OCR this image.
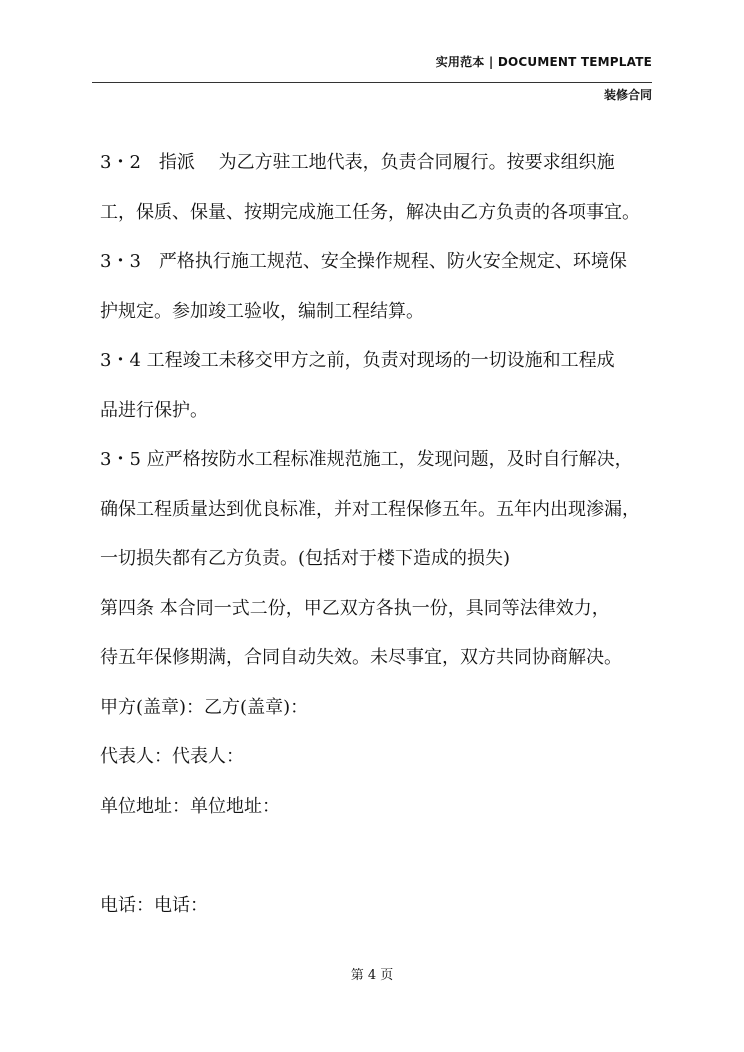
实用范本 | DOCUMENT TEMPLATE
装修合同
3・2　指派　 为乙方驻工地代表，负责合同履行。按要求组织施
工，保质、保量、按期完成施工任务，解决由乙方负责的各项事宜。
3・3　严格执行施工规范、安全操作规程、防火安全规定、环境保
护规定。参加竣工验收，编制工程结算。
3・4 工程竣工未移交甲方之前，负责对现场的一切设施和工程成
品进行保护。
3・5 应严格按防水工程标准规范施工，发现问题，及时自行解决，
确保工程质量达到优良标准，并对工程保修五年。五年内出现渗漏，
一切损失都有乙方负责。(包括对于楼下造成的损失)
第四条 本合同一式二份，甲乙双方各执一份，具同等法律效力，
待五年保修期满，合同自动失效。未尽事宜，双方共同协商解决。
甲方(盖章)：乙方(盖章)：
代表人：代表人：
单位地址：单位地址：
电话：电话：
第 4 页
